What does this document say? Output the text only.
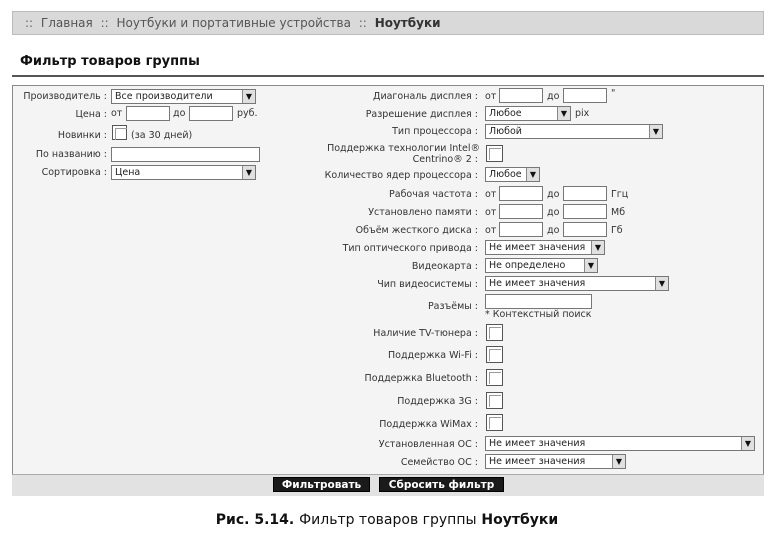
:: Главная :: Ноутбуки и портативные устройства :: Ноутбуки
Фильтр товаров группы
Производитель : Все производители	▼
Цена : от	до	руб.
Новинки :	(за 30 дней)
По названию :
Сортировка : Цена	▼
Диагональ дисплея : от	до	"
Разрешение дисплея :	Любое	▼ pix
Тип процессора :	Любой	▼
Поддержка технологии Intel®
Centrino® 2 :
Количество ядер процессора :	Любое	▼
Рабочая частота : от	до	Ггц
Установлено памяти : от	до	Мб
Объём жесткого диска : от	до	Гб
Тип оптического привода :	Не имеет значения	▼
Видеокарта :	Не определено	▼
Чип видеосистемы :	Не имеет значения	▼
Разъёмы :
* Контекстный поиск
Наличие TV-тюнера :
Поддержка Wi-Fi :
Поддержка Bluetooth :
Поддержка 3G :
Поддержка WiMax :
Установленная ОС :	Не имеет значения	▼
Семейство ОС :	Не имеет значения	▼
Фильтровать	Сбросить фильтр
Рис. 5.14. Фильтр товаров группы Ноутбуки
